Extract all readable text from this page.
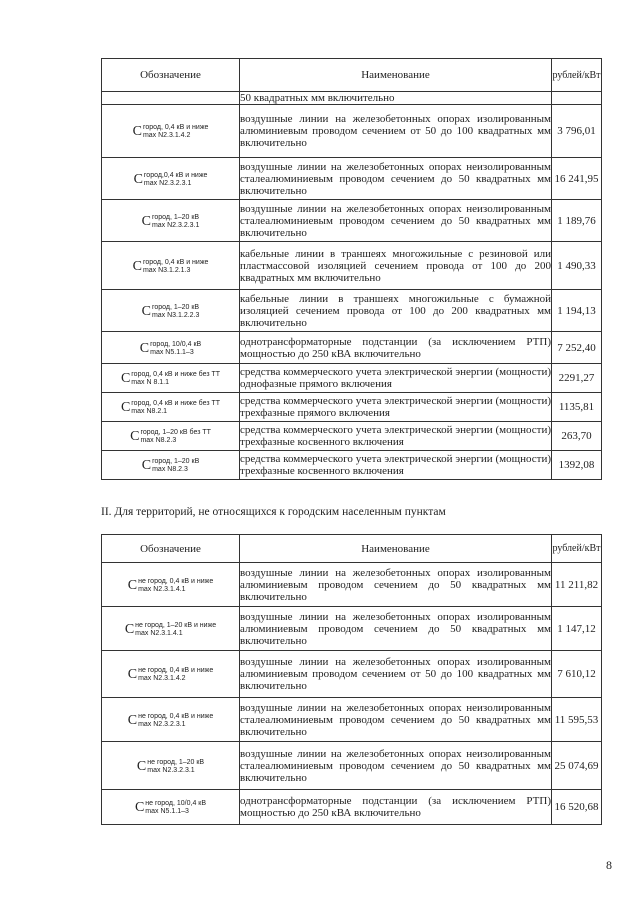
Обозначение	Наименование	рублей/кВт
	50 квадратных мм включительно	

C город, 0,4 кВ и ниже
max N2.3.1.4.2	воздушные линии на железобетонных опорах изолированным алюминиевым проводом сечением от 50 до 100 квадратных мм включительно	3 796,01

C город,0,4 кВ и ниже
max N2.3.2.3.1	воздушные линии на железобетонных опорах неизолированным сталеалюминиевым проводом сечением до 50 квадратных мм включительно	16 241,95

C город, 1–20 кВ
max N2.3.2.3.1	воздушные линии на железобетонных опорах неизолированным сталеалюминиевым проводом сечением до 50 квадратных мм включительно	1 189,76

C город, 0,4 кВ и ниже
max N3.1.2.1.3	кабельные линии в траншеях многожильные с резиновой или пластмассовой изоляцией сечением провода от 100 до 200 квадратных мм включительно	1 490,33

C город, 1–20 кВ
max N3.1.2.2.3	кабельные линии в траншеях многожильные с бумажной изоляцией сечением провода от 100 до 200 квадратных мм включительно	1 194,13

C город, 10/0,4 кВ
max N5.1.1–3	однотрансформаторные подстанции (за исключением РТП) мощностью до 250 кВА включительно	7 252,40

C город, 0,4 кВ и ниже без ТТ
max N 8.1.1	средства коммерческого учета электрической энергии (мощности) однофазные прямого включения	2291,27

C город, 0,4 кВ и ниже без ТТ
max N8.2.1	средства коммерческого учета электрической энергии (мощности) трехфазные прямого включения	1135,81

C город, 1–20 кВ без ТТ
max N8.2.3	средства коммерческого учета электрической энергии (мощности) трехфазные косвенного включения	263,70

C город, 1–20 кВ
max N8.2.3	средства коммерческого учета электрической энергии (мощности) трехфазные косвенного включения	1392,08

II. Для территорий, не относящихся к городским населенным пунктам

Обозначение	Наименование	рублей/кВт

C не город, 0,4 кВ и ниже
max N2.3.1.4.1	воздушные линии на железобетонных опорах изолированным алюминиевым проводом сечением до 50 квадратных мм включительно	11 211,82

C не город, 1–20 кВ и ниже
max N2.3.1.4.1	воздушные линии на железобетонных опорах изолированным алюминиевым проводом сечением до 50 квадратных мм включительно	1 147,12

C не город, 0,4 кВ и ниже
max N2.3.1.4.2	воздушные линии на железобетонных опорах изолированным алюминиевым проводом сечением от 50 до 100 квадратных мм включительно	7 610,12

C не город, 0,4 кВ и ниже
max N2.3.2.3.1	воздушные линии на железобетонных опорах неизолированным сталеалюминиевым проводом сечением до 50 квадратных мм включительно	11 595,53

C не город, 1–20 кВ
max N2.3.2.3.1	воздушные линии на железобетонных опорах неизолированным сталеалюминиевым проводом сечением до 50 квадратных мм включительно	25 074,69

C не город, 10/0,4 кВ
max N5.1.1–3	однотрансформаторные подстанции (за исключением РТП) мощностью до 250 кВА включительно	16 520,68
8
